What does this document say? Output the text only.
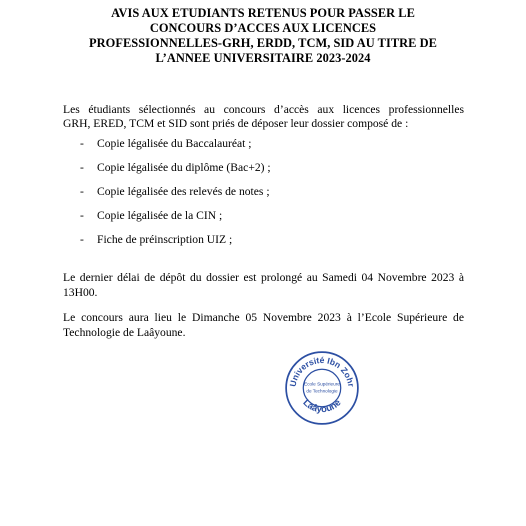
AVIS AUX ETUDIANTS RETENUS POUR PASSER LE
CONCOURS D’ACCES AUX LICENCES
PROFESSIONNELLES-GRH, ERDD, TCM, SID AU TITRE DE
L’ANNEE UNIVERSITAIRE 2023-2024
Les étudiants sélectionnés au concours d’accès aux licences professionnelles
GRH, ERED, TCM et SID sont priés de déposer leur dossier composé de :
- Copie légalisée du Baccalauréat ;
- Copie légalisée du diplôme (Bac+2) ;
- Copie légalisée des relevés de notes ;
- Copie légalisée de la CIN ;
- Fiche de préinscription UIZ ;
Le dernier délai de dépôt du dossier est prolongé au Samedi 04 Novembre 2023 à
13H00.
Le concours aura lieu le Dimanche 05 Novembre 2023 à l’Ecole Supérieure de
Technologie de Laâyoune.
Université Ibn Zohr
Ecole Supérieure
de Technologie
Laâyoune
